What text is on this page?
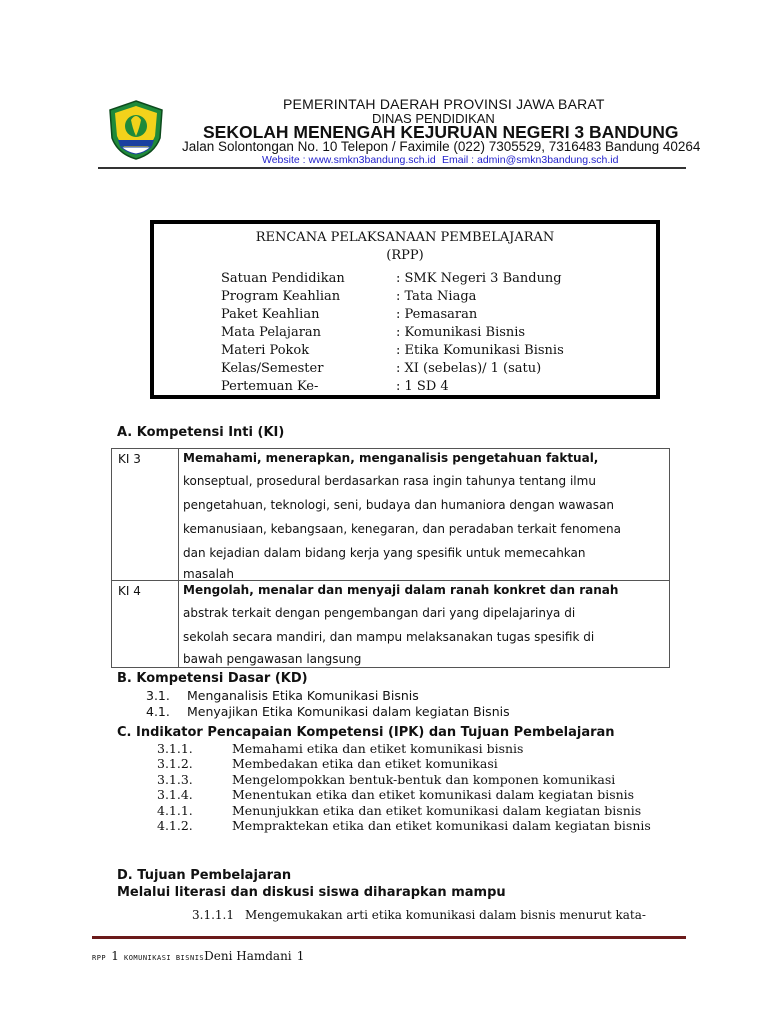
PEMERINTAH DAERAH PROVINSI JAWA BARAT
DINAS PENDIDIKAN
SEKOLAH MENENGAH KEJURUAN NEGERI 3 BANDUNG
Jalan Solontongan No. 10 Telepon / Faximile (022) 7305529, 7316483 Bandung 40264
Website : www.smkn3bandung.sch.id Email : admin@smkn3bandung.sch.id
RENCANA PELAKSANAAN PEMBELAJARAN
(RPP)
Satuan Pendidikan	: SMK Negeri 3 Bandung
Program Keahlian	: Tata Niaga
Paket Keahlian	: Pemasaran
Mata Pelajaran	: Komunikasi Bisnis
Materi Pokok	: Etika Komunikasi Bisnis
Kelas/Semester	: XI (sebelas)/ 1 (satu)
Pertemuan Ke-	: 1 SD 4
A. Kompetensi Inti (KI)
KI 3	Memahami, menerapkan, menganalisis pengetahuan faktual,
konseptual, prosedural berdasarkan rasa ingin tahunya tentang ilmu
pengetahuan, teknologi, seni, budaya dan humaniora dengan wawasan
kemanusiaan, kebangsaan, kenegaran, dan peradaban terkait fenomena
dan kejadian dalam bidang kerja yang spesifik untuk memecahkan
masalah
KI 4	Mengolah, menalar dan menyaji dalam ranah konkret dan ranah
abstrak terkait dengan pengembangan dari yang dipelajarinya di
sekolah secara mandiri, dan mampu melaksanakan tugas spesifik di
bawah pengawasan langsung
B. Kompetensi Dasar (KD)
3.1. Menganalisis Etika Komunikasi Bisnis
4.1. Menyajikan Etika Komunikasi dalam kegiatan Bisnis
C. Indikator Pencapaian Kompetensi (IPK) dan Tujuan Pembelajaran
3.1.1.	Memahami etika dan etiket komunikasi bisnis
3.1.2.	Membedakan etika dan etiket komunikasi
3.1.3.	Mengelompokkan bentuk-bentuk dan komponen komunikasi
3.1.4.	Menentukan etika dan etiket komunikasi dalam kegiatan bisnis
4.1.1.	Menunjukkan etika dan etiket komunikasi dalam kegiatan bisnis
4.1.2.	Mempraktekan etika dan etiket komunikasi dalam kegiatan bisnis
D. Tujuan Pembelajaran
Melalui literasi dan diskusi siswa diharapkan mampu
3.1.1.1 Mengemukakan arti etika komunikasi dalam bisnis menurut kata-
RPP 1 KOMUNIKASI BISNISDeni Hamdani 1
